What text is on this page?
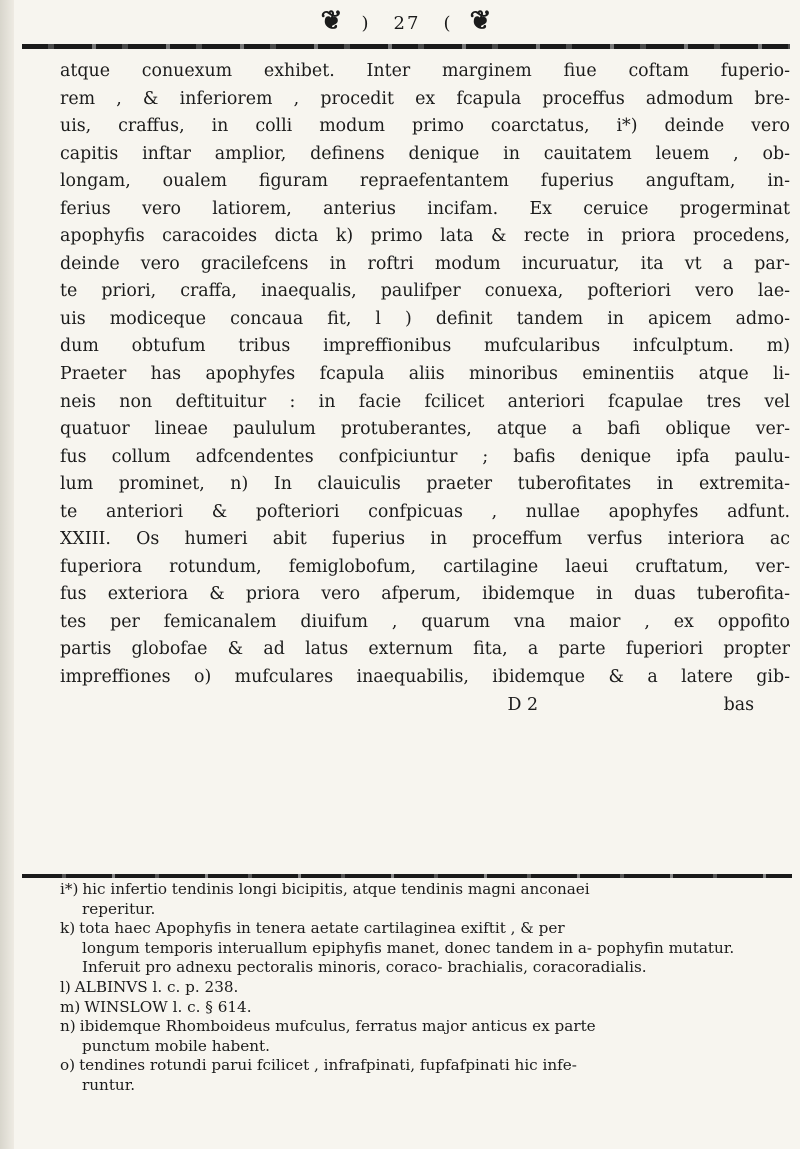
❦ ) 27 ( ❦
atque conuexum exhibet. Inter marginem fiue coftam fuperio-
rem , & inferiorem , procedit ex fcapula proceffus admodum bre-
uis, craffus, in colli modum primo coarctatus, i*) deinde vero
capitis inftar amplior, definens denique in cauitatem leuem , ob-
longam, oualem figuram repraefentantem fuperius anguftam, in-
ferius vero latiorem, anterius incifam. Ex ceruice progerminat
apophyfis caracoides dicta k) primo lata & recte in priora procedens,
deinde vero gracilefcens in roftri modum incuruatur, ita vt a par-
te priori, craffa, inaequalis, paulifper conuexa, pofteriori vero lae-
uis modiceque concaua fit, l ) definit tandem in apicem admo-
dum obtufum tribus impreffionibus mufcularibus infculptum. m)
Praeter has apophyfes fcapula aliis minoribus eminentiis atque li-
neis non deftituitur : in facie fcilicet anteriori fcapulae tres vel
quatuor lineae paululum protuberantes, atque a bafi oblique ver-
fus collum adfcendentes confpiciuntur ; bafis denique ipfa paulu-
lum prominet, n) In clauiculis praeter tuberofitates in extremita-
te anteriori & pofteriori confpicuas , nullae apophyfes adfunt.
XXIII. Os humeri abit fuperius in proceffum verfus interiora ac
fuperiora rotundum, femiglobofum, cartilagine laeui cruftatum, ver-
fus exteriora & priora vero afperum, ibidemque in duas tuberofita-
tes per femicanalem diuifum , quarum vna maior , ex oppofito
partis globofae & ad latus externum fita, a parte fuperiori propter
impreffiones o) mufculares inaequabilis, ibidemque & a latere gib-
D 2	bas
i*) hic infertio tendinis longi bicipitis, atque tendinis magni anconaei
reperitur.
k) tota haec Apophyfis in tenera aetate cartilaginea exiftit , & per
longum temporis interuallum epiphyfis manet, donec tandem in a- pophyfin mutatur. Inferuit pro adnexu pectoralis minoris, coraco- brachialis, coracoradialis.
l) ALBINVS l. c. p. 238.
m) WINSLOW l. c. § 614.
n) ibidemque Rhomboideus mufculus, ferratus major anticus ex parte
punctum mobile habent.
o) tendines rotundi parui fcilicet , infrafpinati, fupfafpinati hic infe-
runtur.
